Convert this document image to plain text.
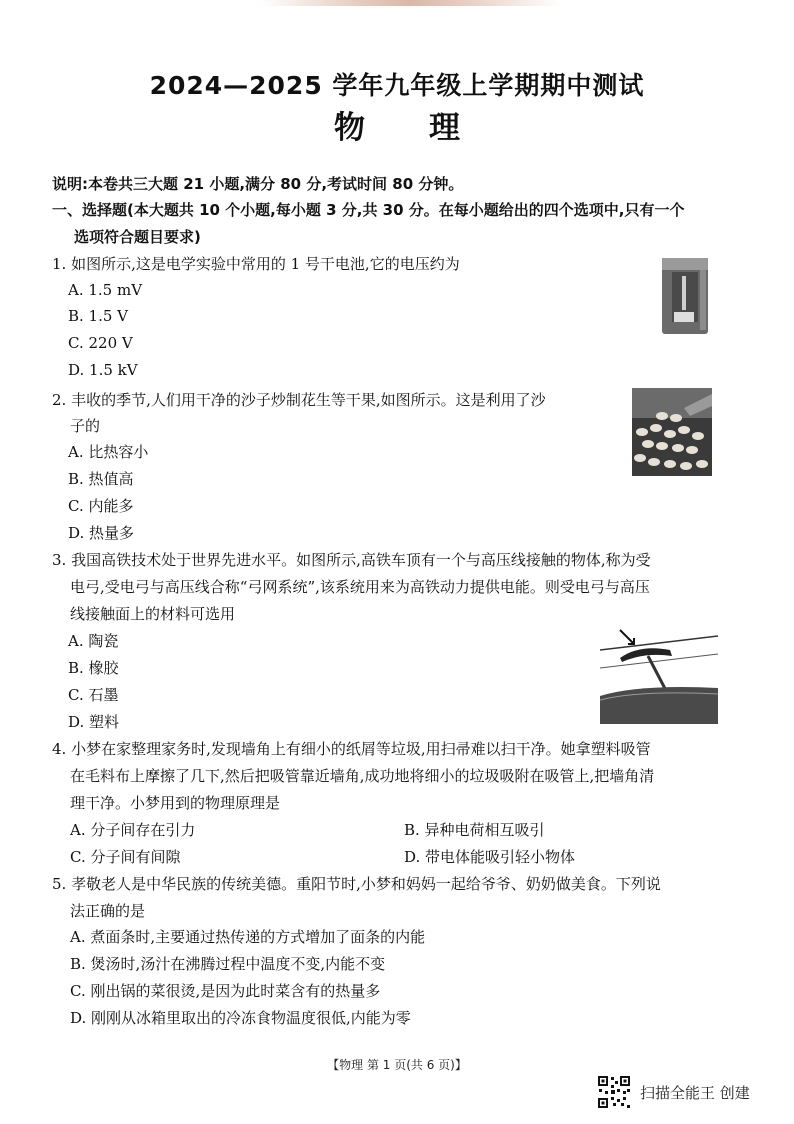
2024—2025 学年九年级上学期期中测试
物理
说明:本卷共三大题 21 小题,满分 80 分,考试时间 80 分钟。
一、选择题(本大题共 10 个小题,每小题 3 分,共 30 分。在每小题给出的四个选项中,只有一个
选项符合题目要求)
1. 如图所示,这是电学实验中常用的 1 号干电池,它的电压约为
A. 1.5 mV
B. 1.5 V
C. 220 V
D. 1.5 kV
2. 丰收的季节,人们用干净的沙子炒制花生等干果,如图所示。这是利用了沙
子的
A. 比热容小
B. 热值高
C. 内能多
D. 热量多
3. 我国高铁技术处于世界先进水平。如图所示,高铁车顶有一个与高压线接触的物体,称为受
电弓,受电弓与高压线合称“弓网系统”,该系统用来为高铁动力提供电能。则受电弓与高压
线接触面上的材料可选用
A. 陶瓷
B. 橡胶
C. 石墨
D. 塑料
4. 小梦在家整理家务时,发现墙角上有细小的纸屑等垃圾,用扫帚难以扫干净。她拿塑料吸管
在毛料布上摩擦了几下,然后把吸管靠近墙角,成功地将细小的垃圾吸附在吸管上,把墙角清
理干净。小梦用到的物理原理是
A. 分子间存在引力	B. 异种电荷相互吸引
C. 分子间有间隙	D. 带电体能吸引轻小物体
5. 孝敬老人是中华民族的传统美德。重阳节时,小梦和妈妈一起给爷爷、奶奶做美食。下列说
法正确的是
A. 煮面条时,主要通过热传递的方式增加了面条的内能
B. 煲汤时,汤汁在沸腾过程中温度不变,内能不变
C. 刚出锅的菜很烫,是因为此时菜含有的热量多
D. 刚刚从冰箱里取出的冷冻食物温度很低,内能为零
【物理 第 1 页(共 6 页)】
扫描全能王 创建
